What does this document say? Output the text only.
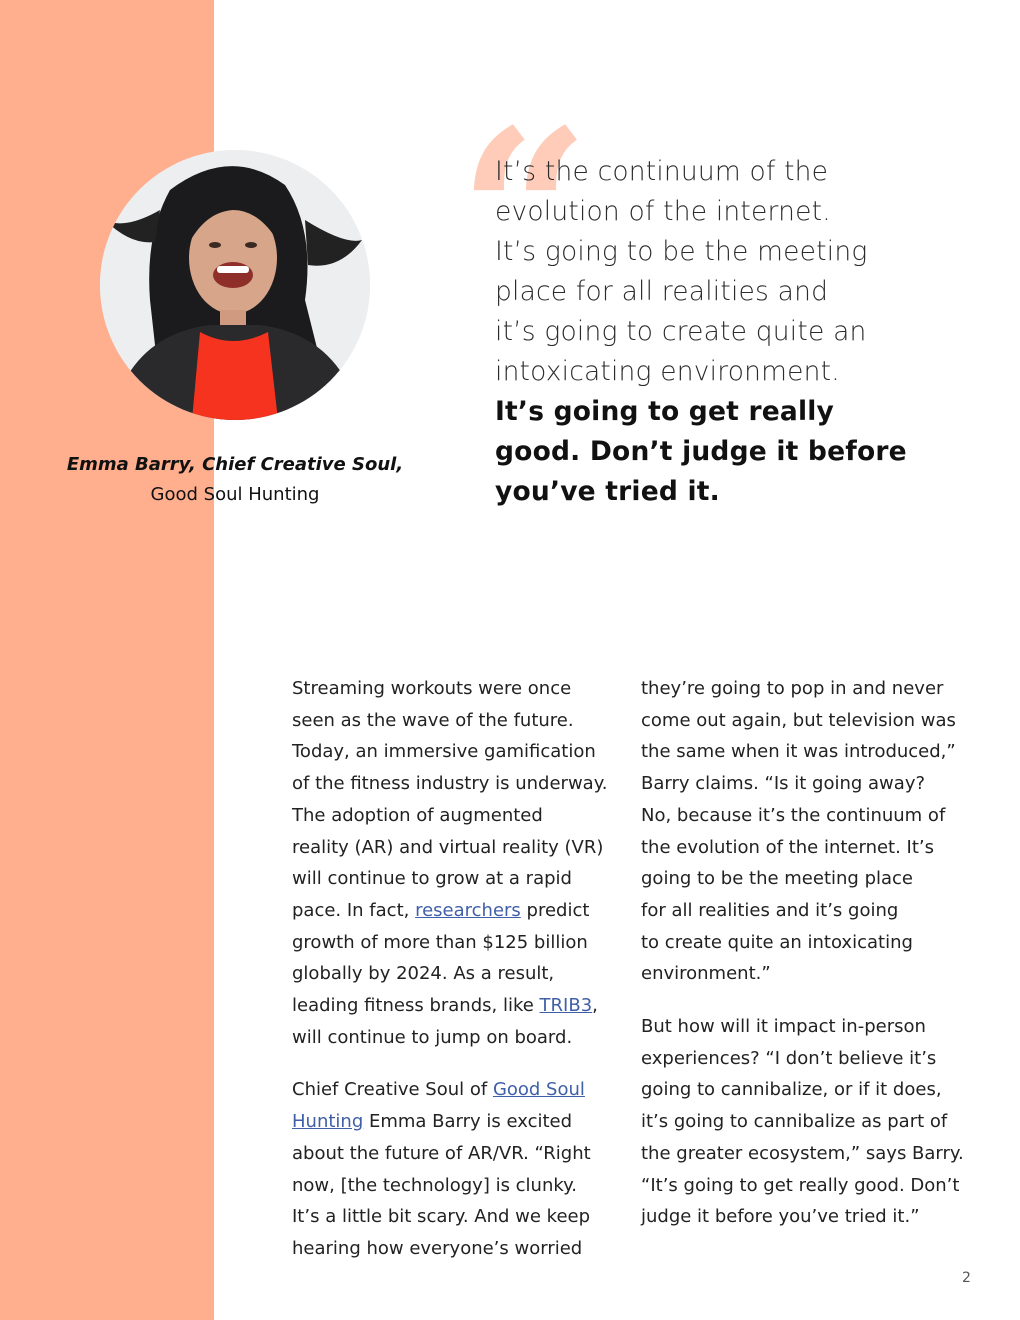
Emma Barry, Chief Creative Soul,
Good Soul Hunting
“
It’s the continuum of the
evolution of the internet.
It’s going to be the meeting
place for all realities and
it’s going to create quite an
intoxicating environment.
It’s going to get really
good. Don’t judge it before
you’ve tried it.

Streaming workouts were once
seen as the wave of the future.
Today, an immersive gamification
of the fitness industry is underway.
The adoption of augmented
reality (AR) and virtual reality (VR)
will continue to grow at a rapid
pace. In fact, researchers predict
growth of more than $125 billion
globally by 2024. As a result,
leading fitness brands, like TRIB3,
will continue to jump on board.

Chief Creative Soul of Good Soul
Hunting Emma Barry is excited
about the future of AR/VR. “Right
now, [the technology] is clunky.
It’s a little bit scary. And we keep
hearing how everyone’s worried

they’re going to pop in and never
come out again, but television was
the same when it was introduced,”
Barry claims. “Is it going away?
No, because it’s the continuum of
the evolution of the internet. It’s
going to be the meeting place
for all realities and it’s going
to create quite an intoxicating
environment.”

But how will it impact in-person
experiences? “I don’t believe it’s
going to cannibalize, or if it does,
it’s going to cannibalize as part of
the greater ecosystem,” says Barry.
“It’s going to get really good. Don’t
judge it before you’ve tried it.”

2
